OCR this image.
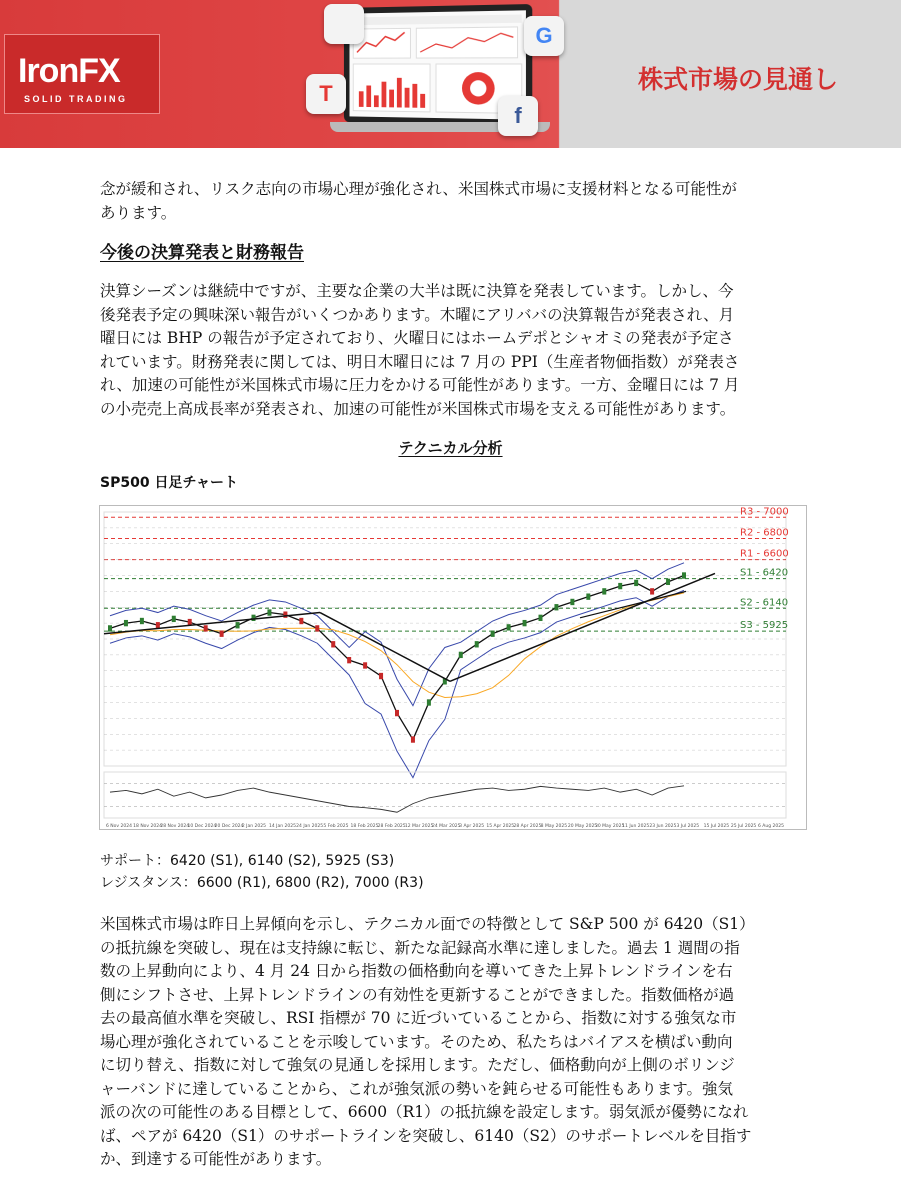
IronFX
SOLID TRADING
G
T
f
株式市場の見通し
念が緩和され、リスク志向の市場心理が強化され、米国株式市場に支援材料となる可能性が
あります。
今後の決算発表と財務報告
決算シーズンは継続中ですが、主要な企業の大半は既に決算を発表しています。しかし、今
後発表予定の興味深い報告がいくつかあります。木曜にアリババの決算報告が発表され、月
曜日には BHP の報告が予定されており、火曜日にはホームデポとシャオミの発表が予定さ
れています。財務発表に関しては、明日木曜日には 7 月の PPI（生産者物価指数）が発表さ
れ、加速の可能性が米国株式市場に圧力をかける可能性があります。一方、金曜日には 7 月
の小売売上高成長率が発表され、加速の可能性が米国株式市場を支える可能性があります。
テクニカル分析
SP500 日足チャート
R3 - 7000
R2 - 6800
R1 - 6600
S1 - 6420
S2 - 6140
S3 - 5925
6 Nov 2024 18 Nov 2024
28 Nov 2024
10 Dec 2024
20 Dec 2024
2 Jan 2025 14 Jan 2025 24 Jan 2025 5 Feb 2025 18 Feb 2025 28 Feb 2025 12 Mar 2025
24 Mar 2025
3 Apr 2025 15 Apr 2025 28 Apr 2025 8 May 2025 20 May 2025
30 May 2025
11 Jun 2025 23 Jun 2025 3 Jul 2025 15 Jul 2025 25 Jul 2025 6 Aug 2025
サポート：6420 (S1), 6140 (S2), 5925 (S3)
レジスタンス：6600 (R1), 6800 (R2), 7000 (R3)
米国株式市場は昨日上昇傾向を示し、テクニカル面での特徴として S&P 500 が 6420（S1）
の抵抗線を突破し、現在は支持線に転じ、新たな記録高水準に達しました。過去 1 週間の指
数の上昇動向により、4 月 24 日から指数の価格動向を導いてきた上昇トレンドラインを右
側にシフトさせ、上昇トレンドラインの有効性を更新することができました。指数価格が過
去の最高値水準を突破し、RSI 指標が 70 に近づいていることから、指数に対する強気な市
場心理が強化されていることを示唆しています。そのため、私たちはバイアスを横ばい動向
に切り替え、指数に対して強気の見通しを採用します。ただし、価格動向が上側のボリンジ
ャーバンドに達していることから、これが強気派の勢いを鈍らせる可能性もあります。強気
派の次の可能性のある目標として、6600（R1）の抵抗線を設定します。弱気派が優勢になれ
ば、ペアが 6420（S1）のサポートラインを突破し、6140（S2）のサポートレベルを目指す
か、到達する可能性があります。
